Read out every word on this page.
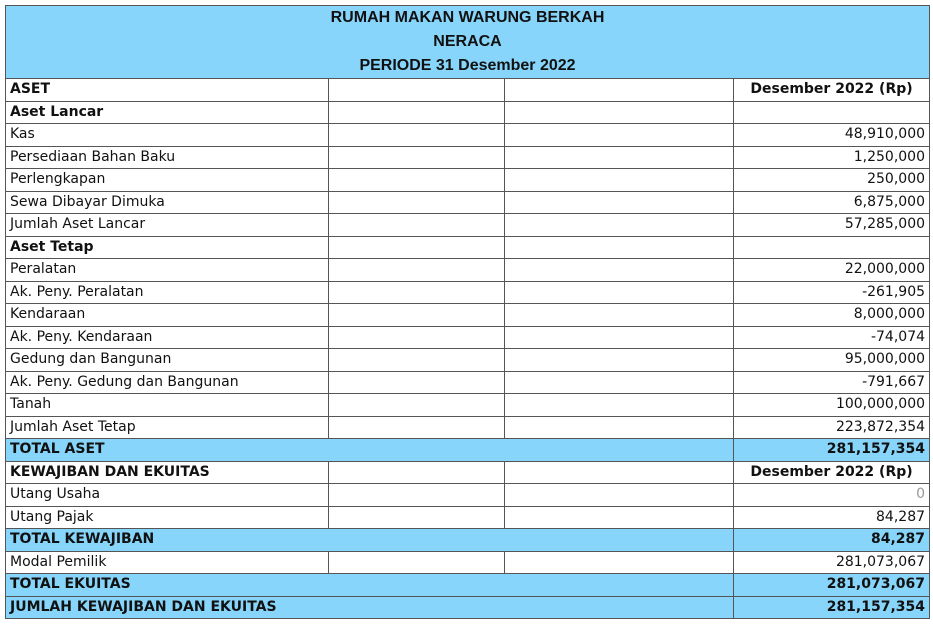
RUMAH MAKAN WARUNG BERKAH			
NERACA			
PERIODE 31 Desember 2022			
ASET			Desember 2022 (Rp)
Aset Lancar			
Kas			48,910,000
Persediaan Bahan Baku			1,250,000
Perlengkapan			250,000
Sewa Dibayar Dimuka			6,875,000
Jumlah Aset Lancar			57,285,000
Aset Tetap			
Peralatan			22,000,000
Ak. Peny. Peralatan			-261,905
Kendaraan			8,000,000
Ak. Peny. Kendaraan			-74,074
Gedung dan Bangunan			95,000,000
Ak. Peny. Gedung dan Bangunan			-791,667
Tanah			100,000,000
Jumlah Aset Tetap			223,872,354
TOTAL ASET			281,157,354
KEWAJIBAN DAN EKUITAS			Desember 2022 (Rp)
Utang Usaha			0
Utang Pajak			84,287
TOTAL KEWAJIBAN			84,287
Modal Pemilik			281,073,067
TOTAL EKUITAS			281,073,067
JUMLAH KEWAJIBAN DAN EKUITAS			281,157,354
